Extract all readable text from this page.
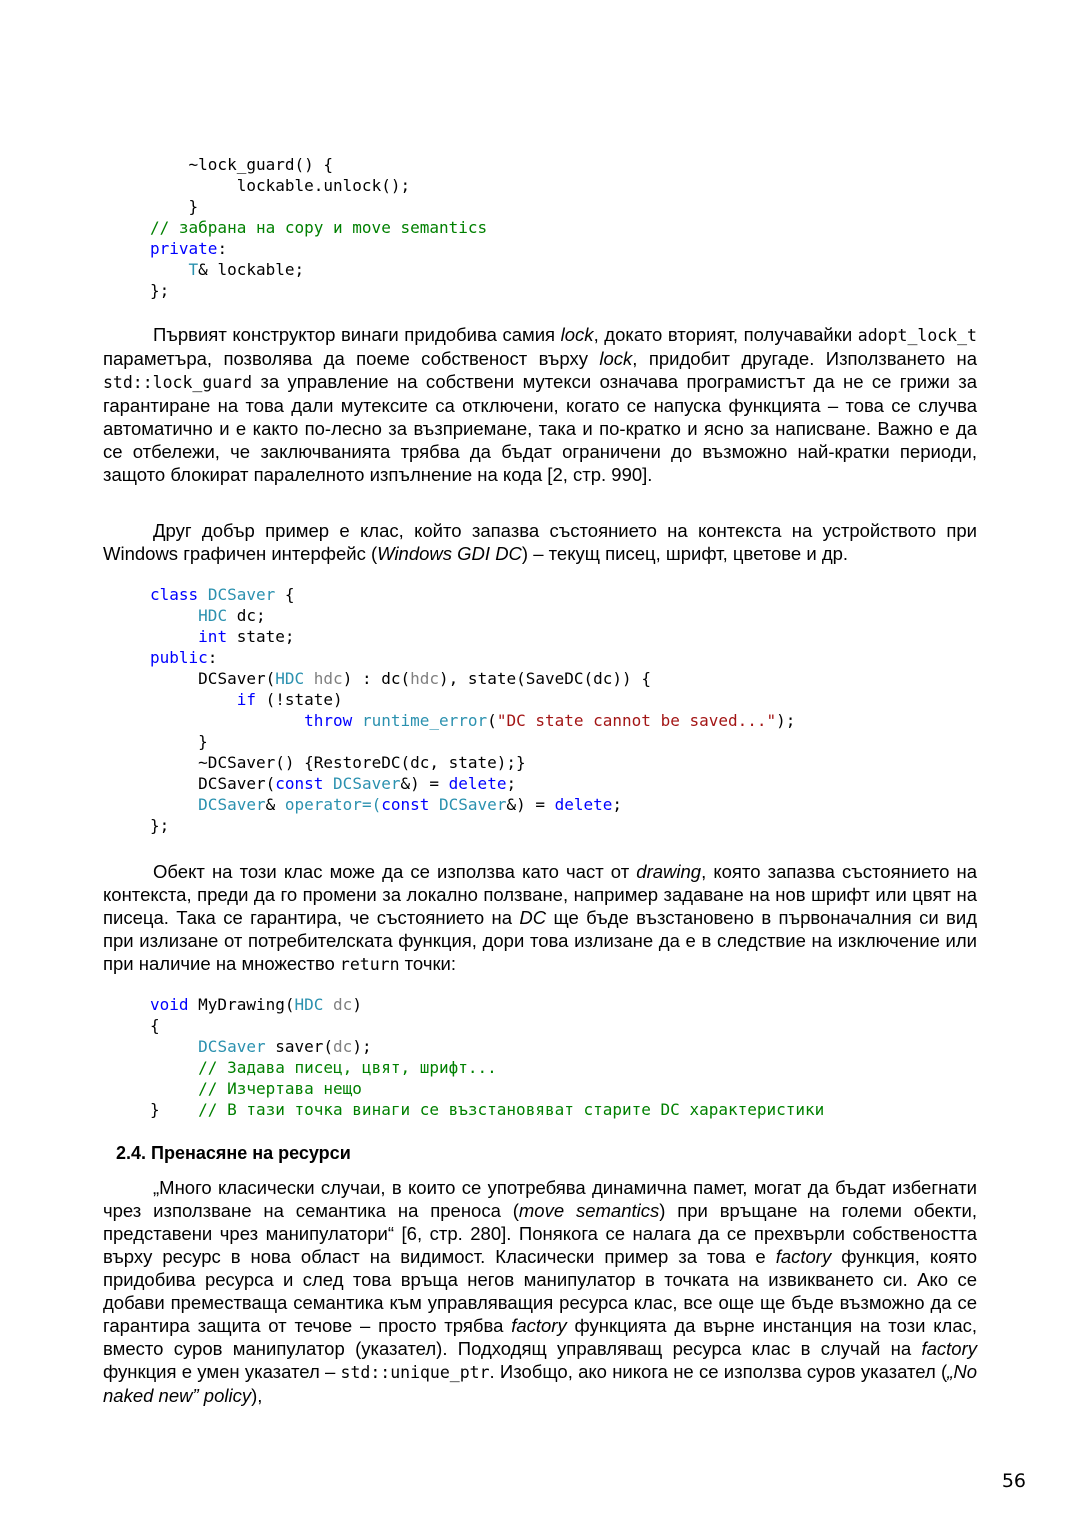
~lock_guard() {
lockable.unlock();
}
// забрана на copy и move semantics
private:
T& lockable;
};

Първият конструктор винаги придобива самия lock, докато вторият, получавайки adopt_lock_t параметъра, позволява да поеме собственост върху lock, придобит другаде. Използването на std::lock_guard за управление на собствени мутекси означава програмистът да не се грижи за гарантиране на това дали мутексите са отключени, когато се напуска функцията – това се случва автоматично и е както по-лесно за възприемане, така и по-кратко и ясно за написване. Важно е да се отбележи, че заключванията трябва да бъдат ограничени до възможно най-кратки периоди, защото блокират паралелното изпълнение на кода [2, стр. 990].

Друг добър пример е клас, който запазва състоянието на контекста на устройството при Windows графичен интерфейс (Windows GDI DC) – текущ писец, шрифт, цветове и др.

class DCSaver {
HDC dc;
int state;
public:
DCSaver(HDC hdc) : dc(hdc), state(SaveDC(dc)) {
if (!state)
throw runtime_error("DC state cannot be saved...");
}
~DCSaver() {RestoreDC(dc, state);}
DCSaver(const DCSaver&) = delete;
DCSaver& operator=(const DCSaver&) = delete;
};

Обект на този клас може да се използва като част от drawing, която запазва състоянието на контекста, преди да го промени за локално ползване, например задаване на нов шрифт или цвят на писеца. Така се гарантира, че състоянието на DC ще бъде възстановено в първоначалния си вид при излизане от потребителската функция, дори това излизане да е в следствие на изключение или при наличие на множество return точки:

void MyDrawing(HDC dc)
{
DCSaver saver(dc);
// Задава писец, цвят, шрифт...
// Изчертава нещо
} // В тази точка винаги се възстановяват старите DC характеристики
2.4. Пренасяне на ресурси

„Много класически случаи, в които се употребява динамична памет, могат да бъдат избегнати чрез използване на семантика на преноса (move semantics) при връщане на големи обекти, представени чрез манипулатори“ [6, стр. 280]. Понякога се налага да се прехвърли собствеността върху ресурс в нова област на видимост. Класически пример за това е factory функция, която придобива ресурса и след това връща негов манипулатор в точката на извикването си. Ако се добави преместваща семантика към управляващия ресурса клас, все още ще бъде възможно да се гарантира защита от течове – просто трябва factory функцията да върне инстанция на този клас, вместо суров манипулатор (указател). Подходящ управляващ ресурса клас в случай на factory функция е умен указател – std::unique_ptr. Изобщо, ако никога не се използва суров указател („No naked new” policy),

56
